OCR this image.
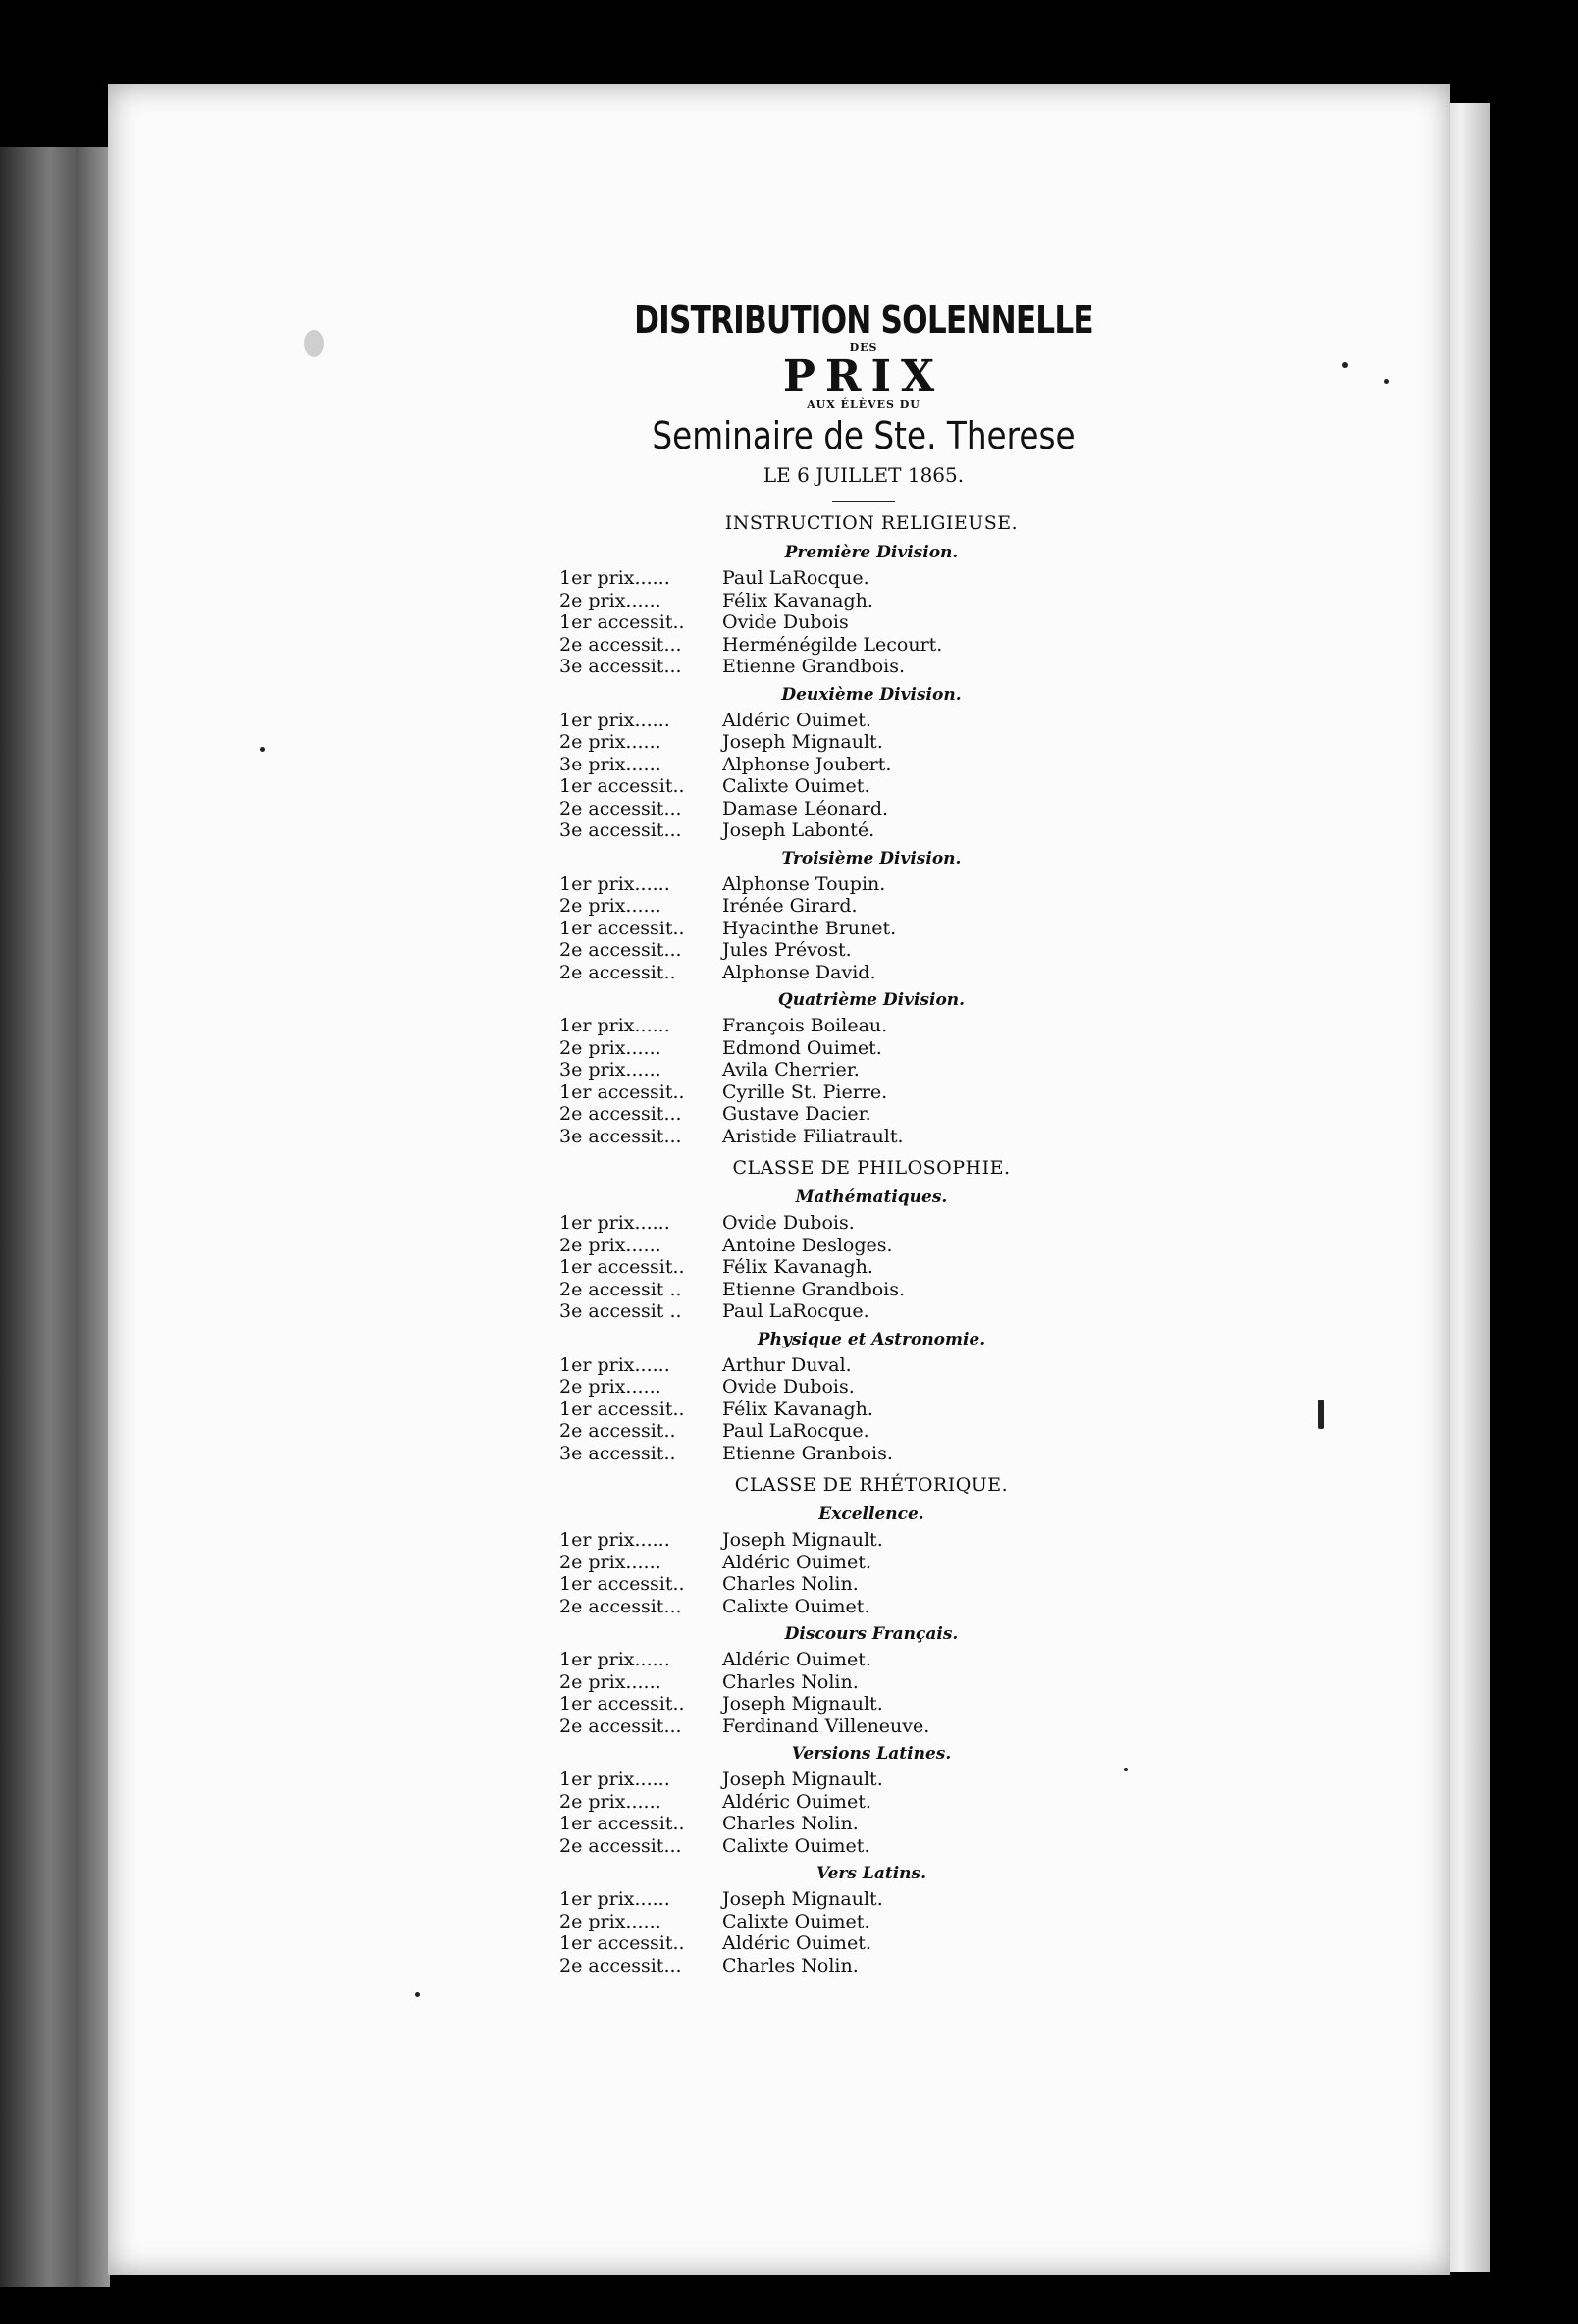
DISTRIBUTION SOLENNELLE
DES
PRIX
AUX ÉLÈVES DU
Seminaire de Ste. Therese
LE 6 JUILLET 1865.
INSTRUCTION RELIGIEUSE.
Première Division.
1er prix......	Paul LaRocque.
2e prix......	Félix Kavanagh.
1er accessit..	Ovide Dubois
2e accessit...	Herménégilde Lecourt.
3e accessit...	Etienne Grandbois.
Deuxième Division.
1er prix......	Aldéric Ouimet.
2e prix......	Joseph Mignault.
3e prix......	Alphonse Joubert.
1er accessit..	Calixte Ouimet.
2e accessit...	Damase Léonard.
3e accessit...	Joseph Labonté.
Troisième Division.
1er prix......	Alphonse Toupin.
2e prix......	Irénée Girard.
1er accessit..	Hyacinthe Brunet.
2e accessit...	Jules Prévost.
2e accessit..	Alphonse David.
Quatrième Division.
1er prix......	François Boileau.
2e prix......	Edmond Ouimet.
3e prix......	Avila Cherrier.
1er accessit..	Cyrille St. Pierre.
2e accessit...	Gustave Dacier.
3e accessit...	Aristide Filiatrault.
CLASSE DE PHILOSOPHIE.
Mathématiques.
1er prix......	Ovide Dubois.
2e prix......	Antoine Desloges.
1er accessit..	Félix Kavanagh.
2e accessit ..	Etienne Grandbois.
3e accessit ..	Paul LaRocque.
Physique et Astronomie.
1er prix......	Arthur Duval.
2e prix......	Ovide Dubois.
1er accessit..	Félix Kavanagh.
2e accessit..	Paul LaRocque.
3e accessit..	Etienne Granbois.
CLASSE DE RHÉTORIQUE.
Excellence.
1er prix......	Joseph Mignault.
2e prix......	Aldéric Ouimet.
1er accessit..	Charles Nolin.
2e accessit...	Calixte Ouimet.
Discours Français.
1er prix......	Aldéric Ouimet.
2e prix......	Charles Nolin.
1er accessit..	Joseph Mignault.
2e accessit...	Ferdinand Villeneuve.
Versions Latines.
1er prix......	Joseph Mignault.
2e prix......	Aldéric Ouimet.
1er accessit..	Charles Nolin.
2e accessit...	Calixte Ouimet.
Vers Latins.
1er prix......	Joseph Mignault.
2e prix......	Calixte Ouimet.
1er accessit..	Aldéric Ouimet.
2e accessit...	Charles Nolin.
